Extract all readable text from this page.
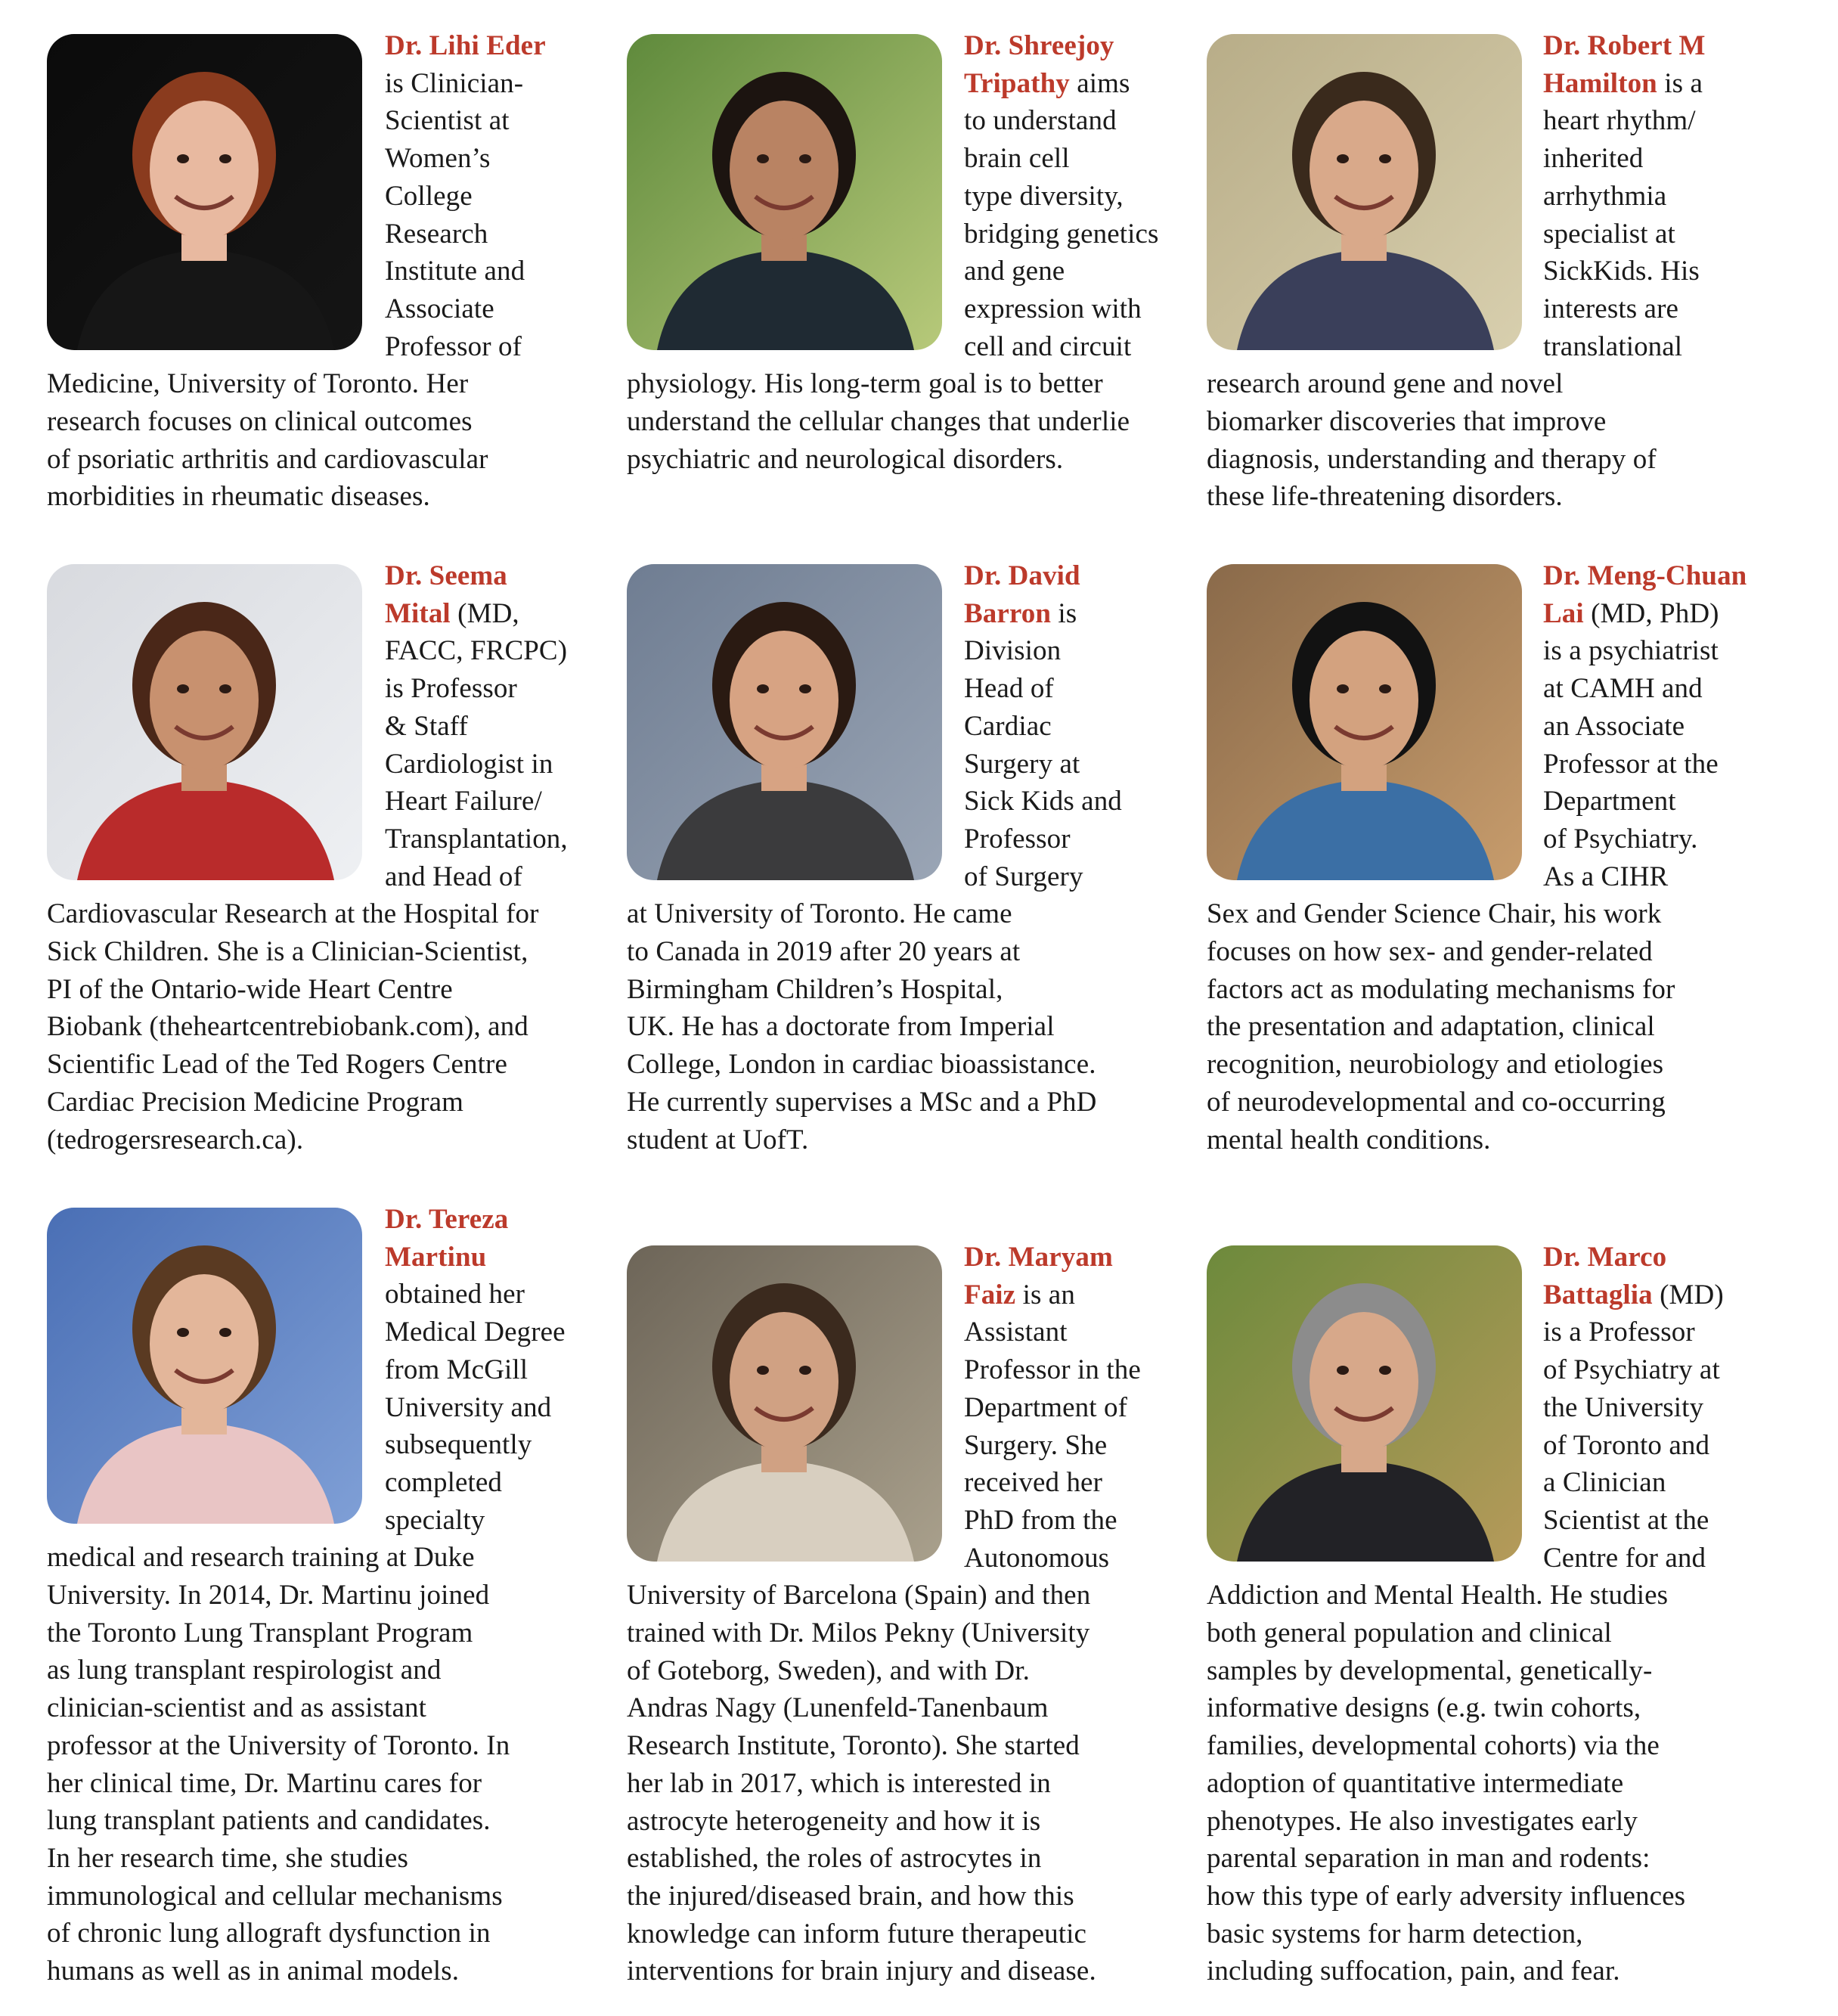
Dr. Lihi Eder
is Clinician-
Scientist at
Women’s
College
Research
Institute and
Associate
Professor of
Medicine, University of Toronto. Her
research focuses on clinical outcomes
of psoriatic arthritis and cardiovascular
morbidities in rheumatic diseases.
Dr. Shreejoy
Tripathy aims
to understand
brain cell
type diversity,
bridging genetics
and gene
expression with
cell and circuit
physiology. His long-term goal is to better
understand the cellular changes that underlie
psychiatric and neurological disorders.
Dr. Robert M
Hamilton is a
heart rhythm/
inherited
arrhythmia
specialist at
SickKids. His
interests are
translational
research around gene and novel
biomarker discoveries that improve
diagnosis, understanding and therapy of
these life-threatening disorders.
Dr. Seema
Mital (MD,
FACC, FRCPC)
is Professor
& Staff
Cardiologist in
Heart Failure/
Transplantation,
and Head of
Cardiovascular Research at the Hospital for
Sick Children. She is a Clinician-Scientist,
PI of the Ontario-wide Heart Centre
Biobank (theheartcentrebiobank.com), and
Scientific Lead of the Ted Rogers Centre
Cardiac Precision Medicine Program
(tedrogersresearch.ca).
Dr. David
Barron is
Division
Head of
Cardiac
Surgery at
Sick Kids and
Professor
of Surgery
at University of Toronto. He came
to Canada in 2019 after 20 years at
Birmingham Children’s Hospital,
UK. He has a doctorate from Imperial
College, London in cardiac bioassistance.
He currently supervises a MSc and a PhD
student at UofT.
Dr. Meng-Chuan
Lai (MD, PhD)
is a psychiatrist
at CAMH and
an Associate
Professor at the
Department
of Psychiatry.
As a CIHR
Sex and Gender Science Chair, his work
focuses on how sex- and gender-related
factors act as modulating mechanisms for
the presentation and adaptation, clinical
recognition, neurobiology and etiologies
of neurodevelopmental and co-occurring
mental health conditions.
Dr. Tereza
Martinu
obtained her
Medical Degree
from McGill
University and
subsequently
completed
specialty
medical and research training at Duke
University. In 2014, Dr. Martinu joined
the Toronto Lung Transplant Program
as lung transplant respirologist and
clinician-scientist and as assistant
professor at the University of Toronto. In
her clinical time, Dr. Martinu cares for
lung transplant patients and candidates.
In her research time, she studies
immunological and cellular mechanisms
of chronic lung allograft dysfunction in
humans as well as in animal models.
Dr. Maryam
Faiz is an
Assistant
Professor in the
Department of
Surgery. She
received her
PhD from the
Autonomous
University of Barcelona (Spain) and then
trained with Dr. Milos Pekny (University
of Goteborg, Sweden), and with Dr.
Andras Nagy (Lunenfeld-Tanenbaum
Research Institute, Toronto). She started
her lab in 2017, which is interested in
astrocyte heterogeneity and how it is
established, the roles of astrocytes in
the injured/diseased brain, and how this
knowledge can inform future therapeutic
interventions for brain injury and disease.
Dr. Marco
Battaglia (MD)
is a Professor
of Psychiatry at
the University
of Toronto and
a Clinician
Scientist at the
Centre for and
Addiction and Mental Health. He studies
both general population and clinical
samples by developmental, genetically-
informative designs (e.g. twin cohorts,
families, developmental cohorts) via the
adoption of quantitative intermediate
phenotypes. He also investigates early
parental separation in man and rodents:
how this type of early adversity influences
basic systems for harm detection,
including suffocation, pain, and fear.
